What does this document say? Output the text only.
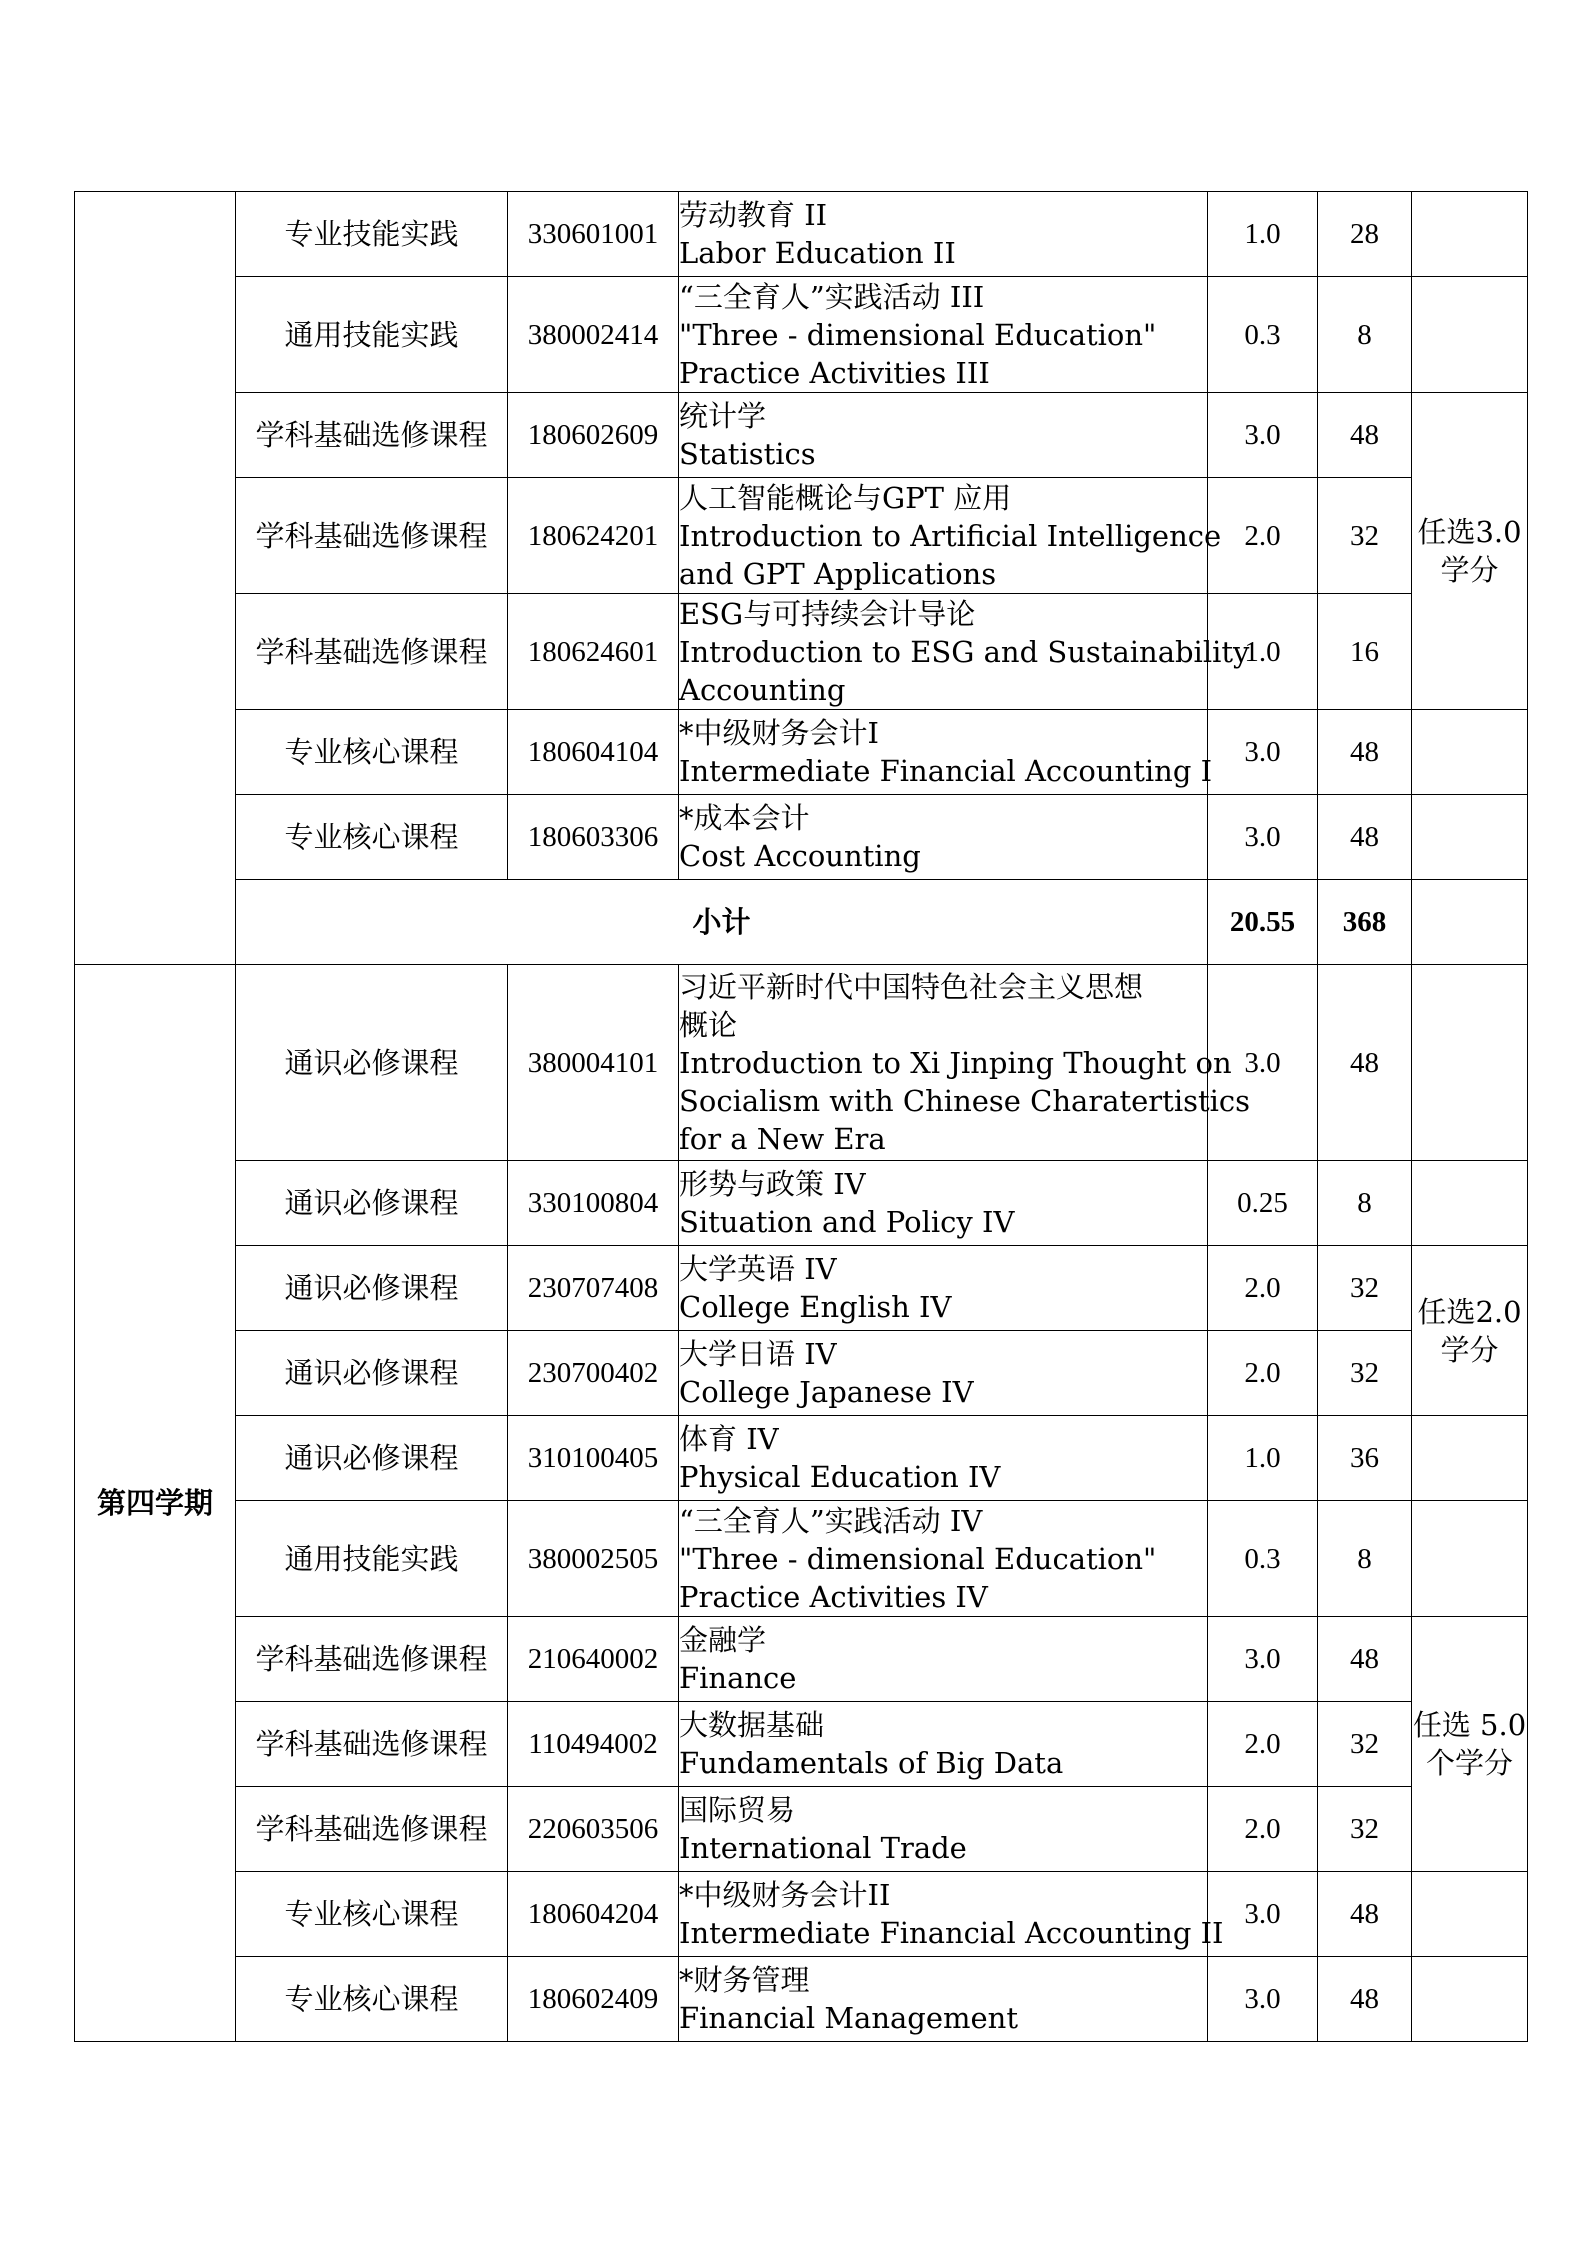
	专业技能实践	330601001	劳动教育 II
Labor Education II	1.0	28	
	通用技能实践	380002414	“三全育人”实践活动 III
"Three - dimensional Education"
Practice Activities III	0.3	8	
	学科基础选修课程	180602609	统计学
Statistics	3.0	48	任选3.0
学分

	学科基础选修课程	180624201	人工智能概论与GPT 应用
Introduction to Artificial Intelligence
and GPT Applications	2.0	32	
	学科基础选修课程	180624601	ESG与可持续会计导论
Introduction to ESG and Sustainability
Accounting	1.0	16	
	专业核心课程	180604104	*中级财务会计I
Intermediate Financial Accounting I	3.0	48	
	专业核心课程	180603306	*成本会计
Cost Accounting	3.0	48	
	小计			20.55	368	
第四学期	通识必修课程	380004101	习近平新时代中国特色社会主义思想
概论
Introduction to Xi Jinping Thought on
Socialism with Chinese Charatertistics
for a New Era	3.0	48	
	通识必修课程	330100804	形势与政策 IV
Situation and Policy IV	0.25	8	
	通识必修课程	230707408	大学英语 IV
College English IV	2.0	32	任选2.0
学分

	通识必修课程	230700402	大学日语 IV
College Japanese IV	2.0	32	
	通识必修课程	310100405	体育 IV
Physical Education IV	1.0	36	
	通用技能实践	380002505	“三全育人”实践活动 IV
"Three - dimensional Education"
Practice Activities IV	0.3	8	
	学科基础选修课程	210640002	金融学
Finance	3.0	48	任选 5.0
个学分

	学科基础选修课程	110494002	大数据基础
Fundamentals of Big Data	2.0	32	
	学科基础选修课程	220603506	国际贸易
International Trade	2.0	32	
	专业核心课程	180604204	*中级财务会计II
Intermediate Financial Accounting II	3.0	48	
	专业核心课程	180602409	*财务管理
Financial Management	3.0	48	
